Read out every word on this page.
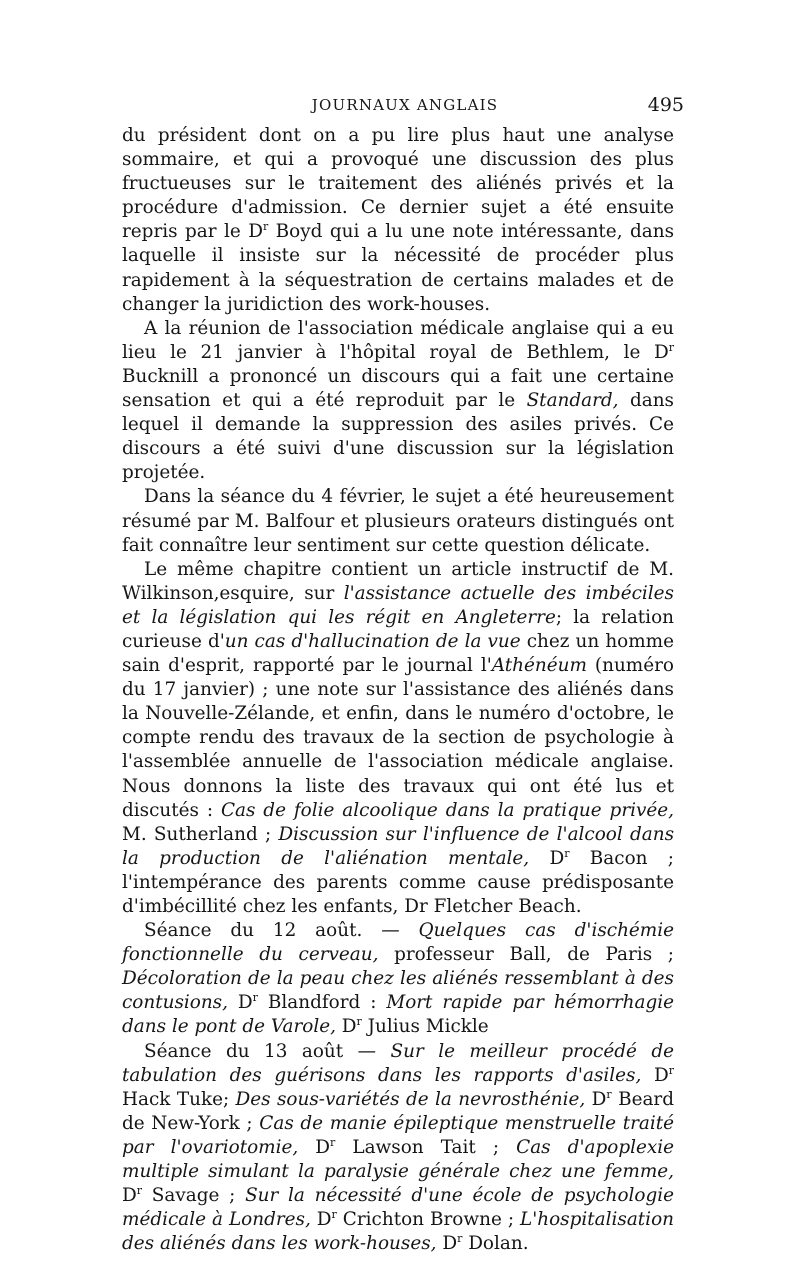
JOURNAUX ANGLAIS	495

du président dont on a pu lire plus haut une analyse sommaire, et qui a provoqué une discussion des plus fructueuses sur le traitement des aliénés privés et la procédure d'admission. Ce dernier sujet a été ensuite repris par le $D^r$ Boyd qui a lu une note intéressante, dans laquelle il insiste sur la nécessité de procéder plus rapidement à la séquestration de certains malades et de changer la juridiction des work-houses.

A la réunion de l'association médicale anglaise qui a eu lieu le 21 janvier à l'hôpital royal de Bethlem, le $D^r$ Bucknill a prononcé un discours qui a fait une certaine sensation et qui a été reproduit par le Standard, dans lequel il demande la suppression des asiles privés. Ce discours a été suivi d'une discussion sur la législation projetée.

Dans la séance du 4 février, le sujet a été heureusement résumé par M. Balfour et plusieurs orateurs distingués ont fait connaître leur sentiment sur cette question délicate.

Le même chapitre contient un article instructif de M. Wilkinson,esquire, sur l'assistance actuelle des imbéciles et la législation qui les régit en Angleterre; la relation curieuse d'un cas d'hallucination de la vue chez un homme sain d'esprit, rapporté par le journal l'Athénéum (numéro du 17 janvier) ; une note sur l'assistance des aliénés dans la Nouvelle-Zélande, et enfin, dans le numéro d'octobre, le compte rendu des travaux de la section de psychologie à l'assemblée annuelle de l'association médicale anglaise. Nous donnons la liste des travaux qui ont été lus et discutés : Cas de folie alcoolique dans la pratique privée, M. Sutherland ; Discussion sur l'influence de l'alcool dans la production de l'aliénation mentale, $D^r$ Bacon ; l'intempérance des parents comme cause prédisposante d'imbécillité chez les enfants, Dr Fletcher Beach.

Séance du 12 août. — Quelques cas d'ischémie fonctionnelle du cerveau, professeur Ball, de Paris ; Décoloration de la peau chez les aliénés ressemblant à des contusions, $D^r$ Blandford : Mort rapide par hémorrhagie dans le pont de Varole, $D^r$ Julius Mickle

Séance du 13 août — Sur le meilleur procédé de tabulation des guérisons dans les rapports d'asiles, $D^r$ Hack Tuke; Des sous-variétés de la nevrosthénie, $D^r$ Beard de New-York ; Cas de manie épileptique menstruelle traité par l'ovariotomie, $D^r$ Lawson Tait ; Cas d'apoplexie multiple simulant la paralysie générale chez une femme, $D^r$ Savage ; Sur la nécessité d'une école de psychologie médicale à Londres, $D^r$ Crichton Browne ; L'hospitalisation des aliénés dans les work-houses, $D^r$ Dolan.
